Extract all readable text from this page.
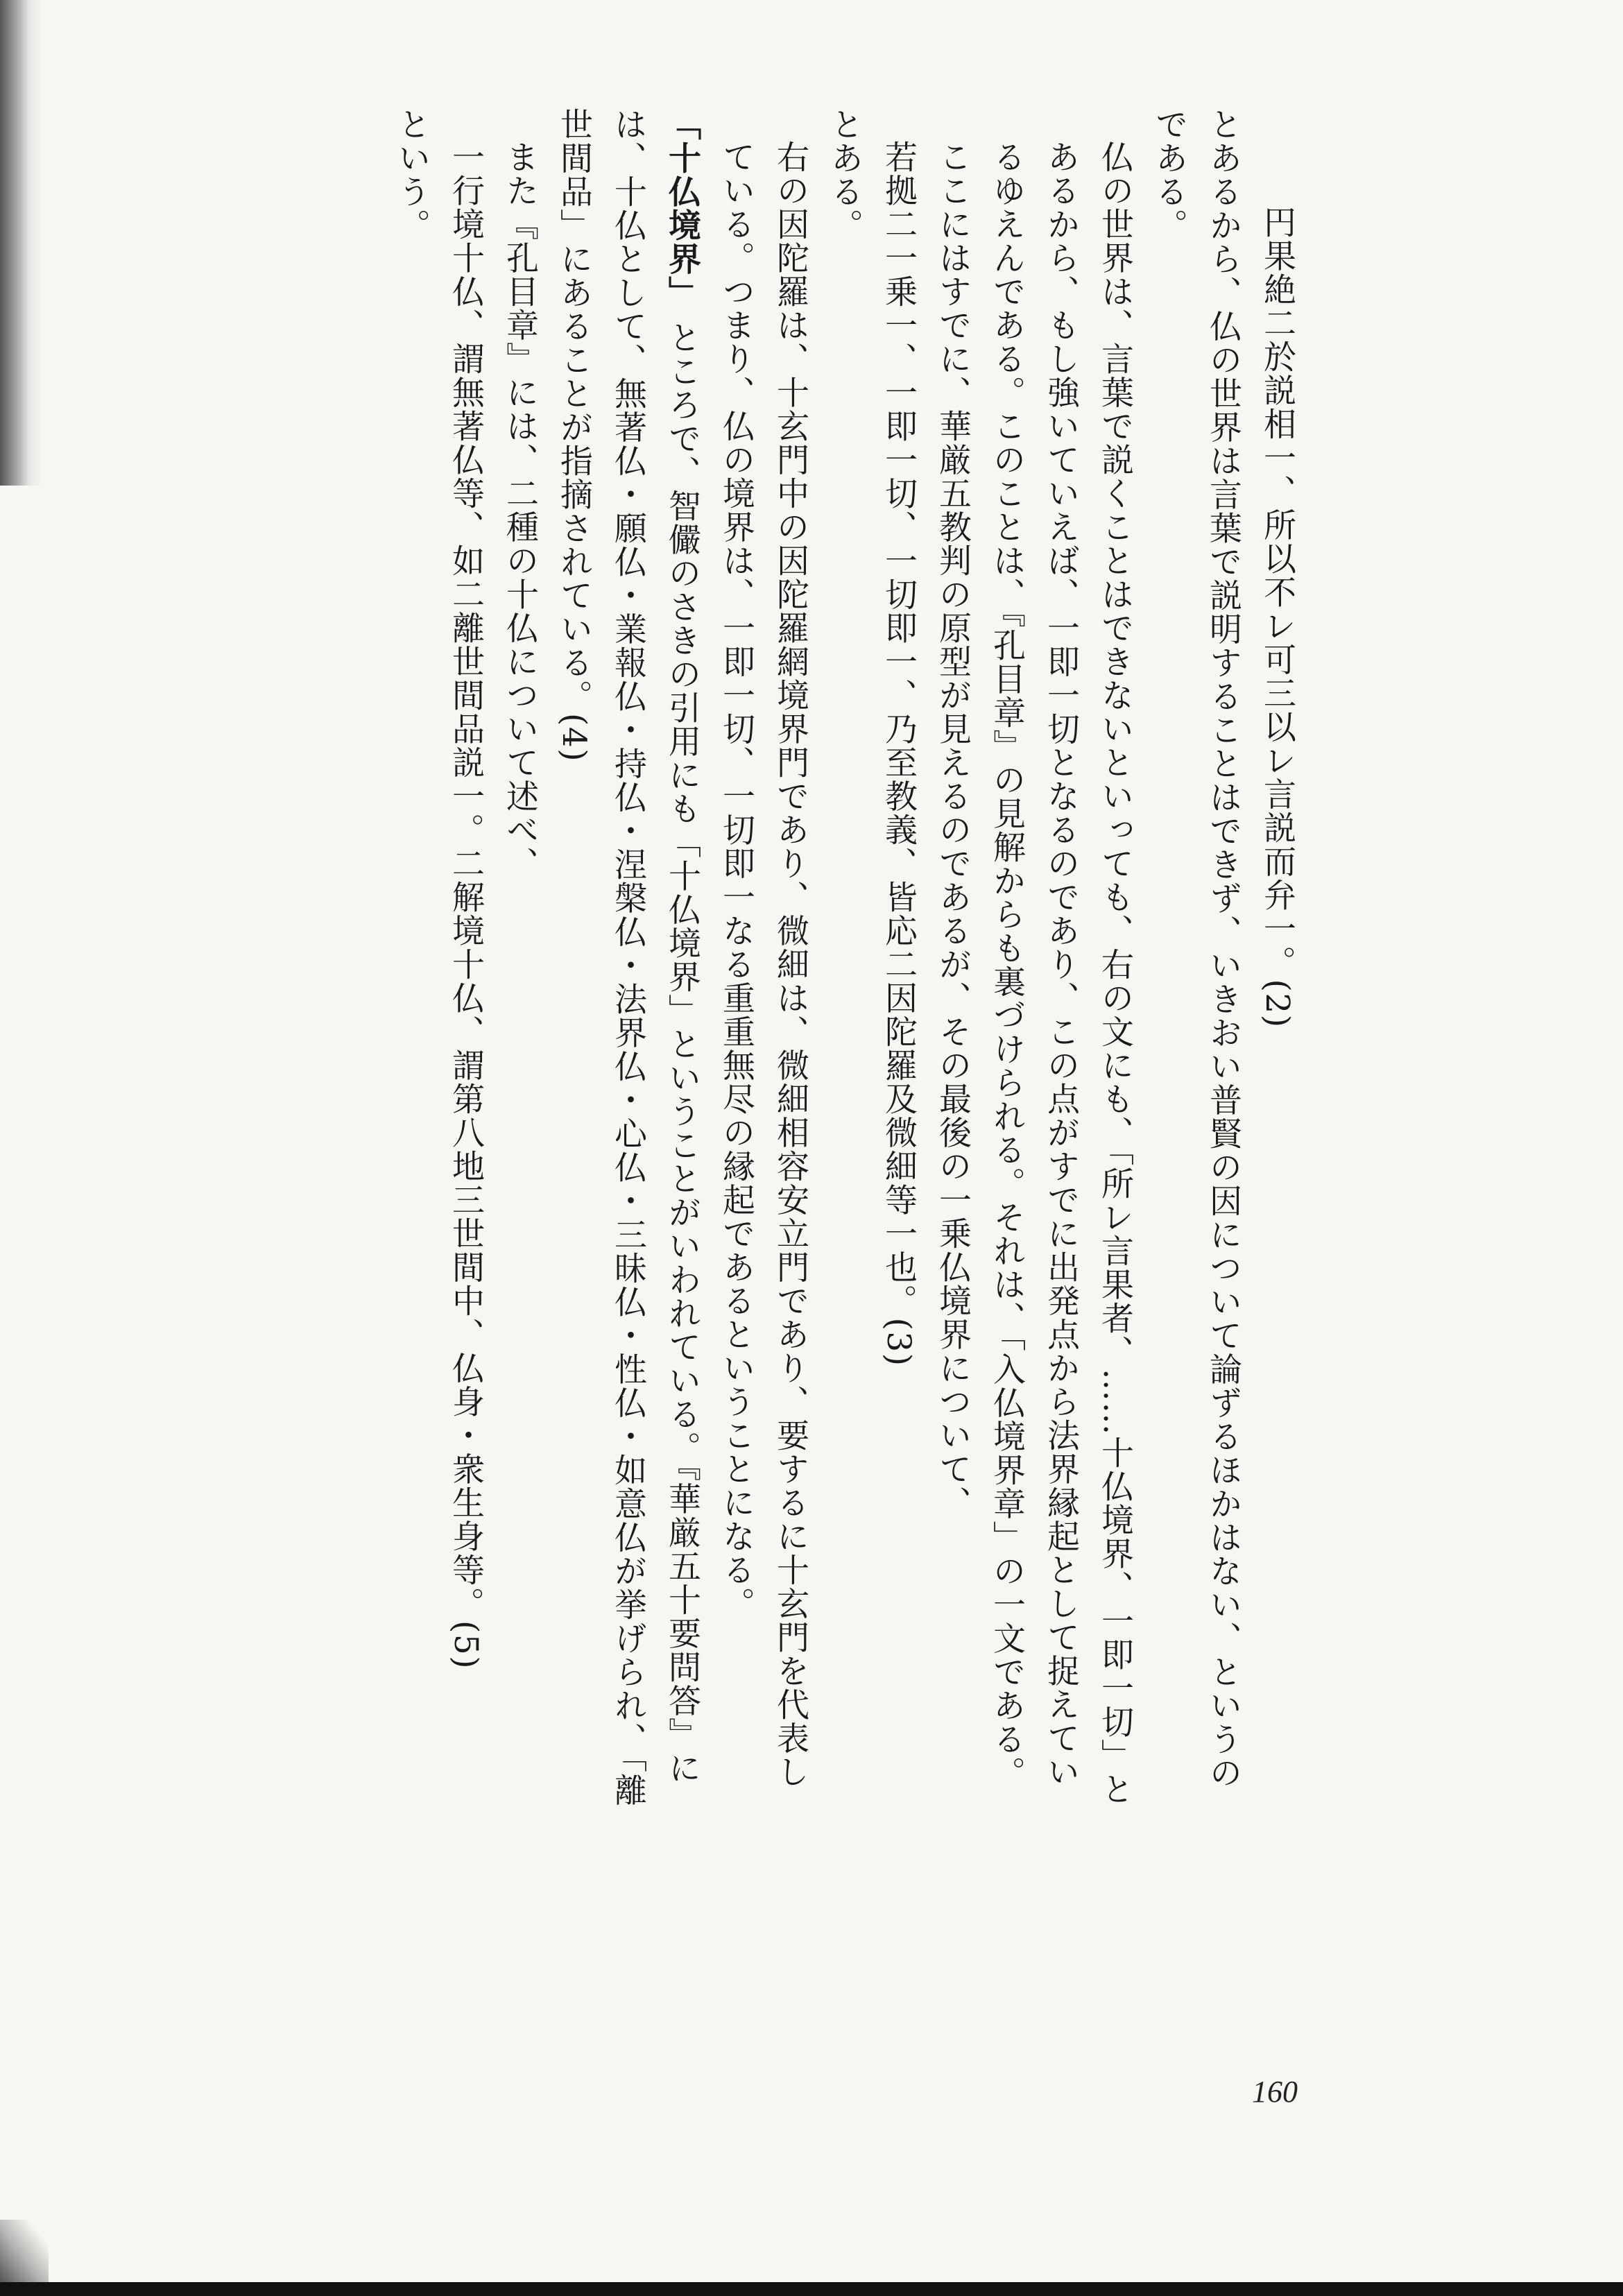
円果絶二於説相一、所以不レ可三以レ言説而弁一。(2)

とあるから、仏の世界は言葉で説明することはできず、いきおい普賢の因について論ずるほかはない、というのである。

仏の世界は、言葉で説くことはできないといっても、右の文にも、「所レ言果者、……十仏境界、一即一切」とあるから、もし強いていえば、一即一切となるのであり、この点がすでに出発点から法界縁起として捉えているゆえんである。このことは、『孔目章』の見解からも裏づけられる。それは、「入仏境界章」の一文である。ここにはすでに、華厳五教判の原型が見えるのであるが、その最後の一乗仏境界について、

若拠二一乗一、一即一切、一切即一、乃至教義、皆応二因陀羅及微細等一也。(3)

とある。

右の因陀羅は、十玄門中の因陀羅網境界門であり、微細は、微細相容安立門であり、要するに十玄門を代表している。つまり、仏の境界は、一即一切、一切即一なる重重無尽の縁起であるということになる。

「十仏境界」 ところで、智儼のさきの引用にも「十仏境界」ということがいわれている。『華厳五十要問答』には、十仏として、無著仏・願仏・業報仏・持仏・涅槃仏・法界仏・心仏・三昧仏・性仏・如意仏が挙げられ、「離世間品」にあることが指摘されている。(4)

また『孔目章』には、二種の十仏について述べ、

一行境十仏、謂無著仏等、如二離世間品説一。二解境十仏、謂第八地三世間中、仏身・衆生身等。(5)

という。

160
